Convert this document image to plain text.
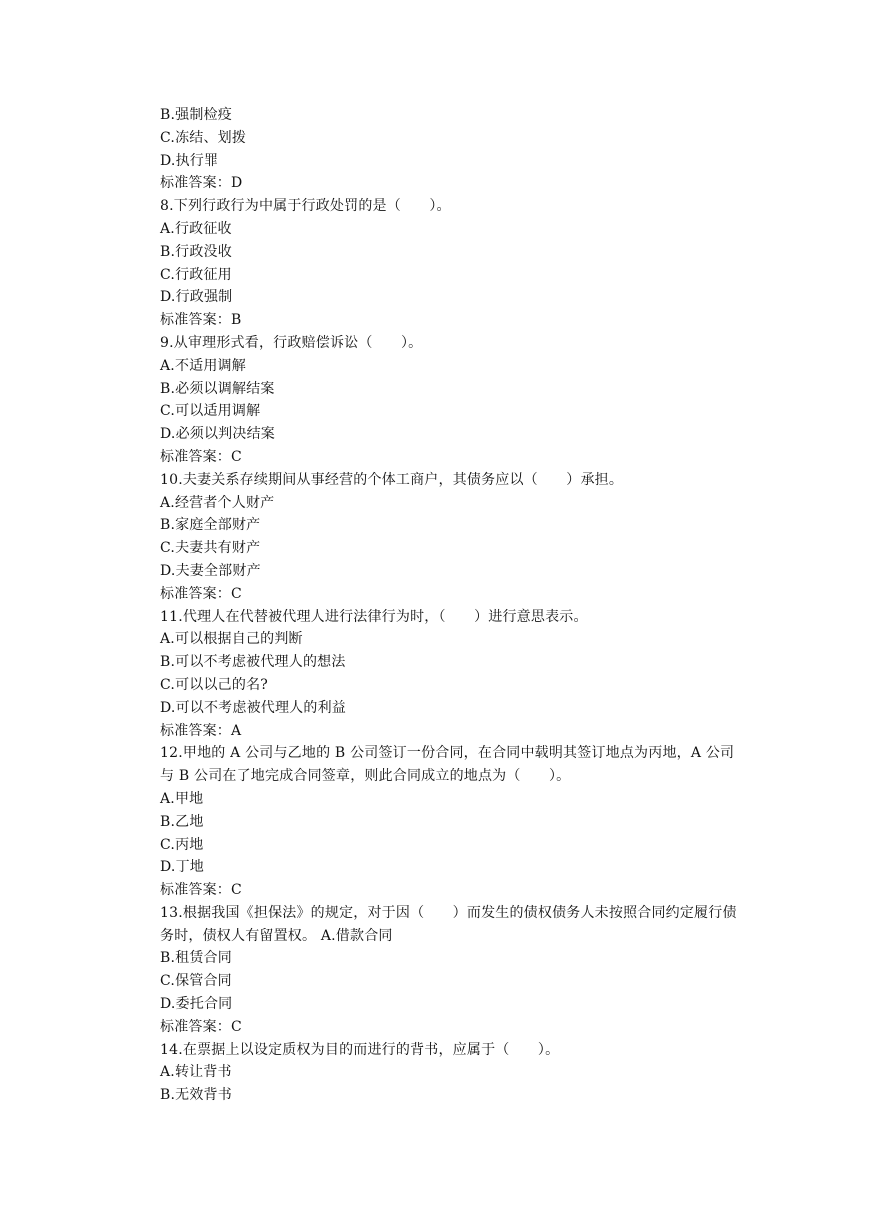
B.强制检疫
C.冻结、划拨
D.执行罪
标准答案：D
8.下列行政行为中属于行政处罚的是（　　）。
A.行政征收
B.行政没收
C.行政征用
D.行政强制
标准答案：B
9.从审理形式看，行政赔偿诉讼（　　）。
A.不适用调解
B.必须以调解结案
C.可以适用调解
D.必须以判决结案
标准答案：C
10.夫妻关系存续期间从事经营的个体工商户，其债务应以（　　）承担。
A.经营者个人财产
B.家庭全部财产
C.夫妻共有财产
D.夫妻全部财产
标准答案：C
11.代理人在代替被代理人进行法律行为时，（　　）进行意思表示。
A.可以根据自己的判断
B.可以不考虑被代理人的想法
C.可以以己的名?
D.可以不考虑被代理人的利益
标准答案：A
12.甲地的 A 公司与乙地的 B 公司签订一份合同，在合同中载明其签订地点为丙地，A 公司与 B 公司在了地完成合同签章，则此合同成立的地点为（　　）。
A.甲地
B.乙地
C.丙地
D.丁地
标准答案：C
13.根据我国《担保法》的规定，对于因（　　）而发生的债权债务人未按照合同约定履行债务时，债权人有留置权。 A.借款合同
B.租赁合同
C.保管合同
D.委托合同
标准答案：C
14.在票据上以设定质权为目的而进行的背书，应属于（　　）。
A.转让背书
B.无效背书
